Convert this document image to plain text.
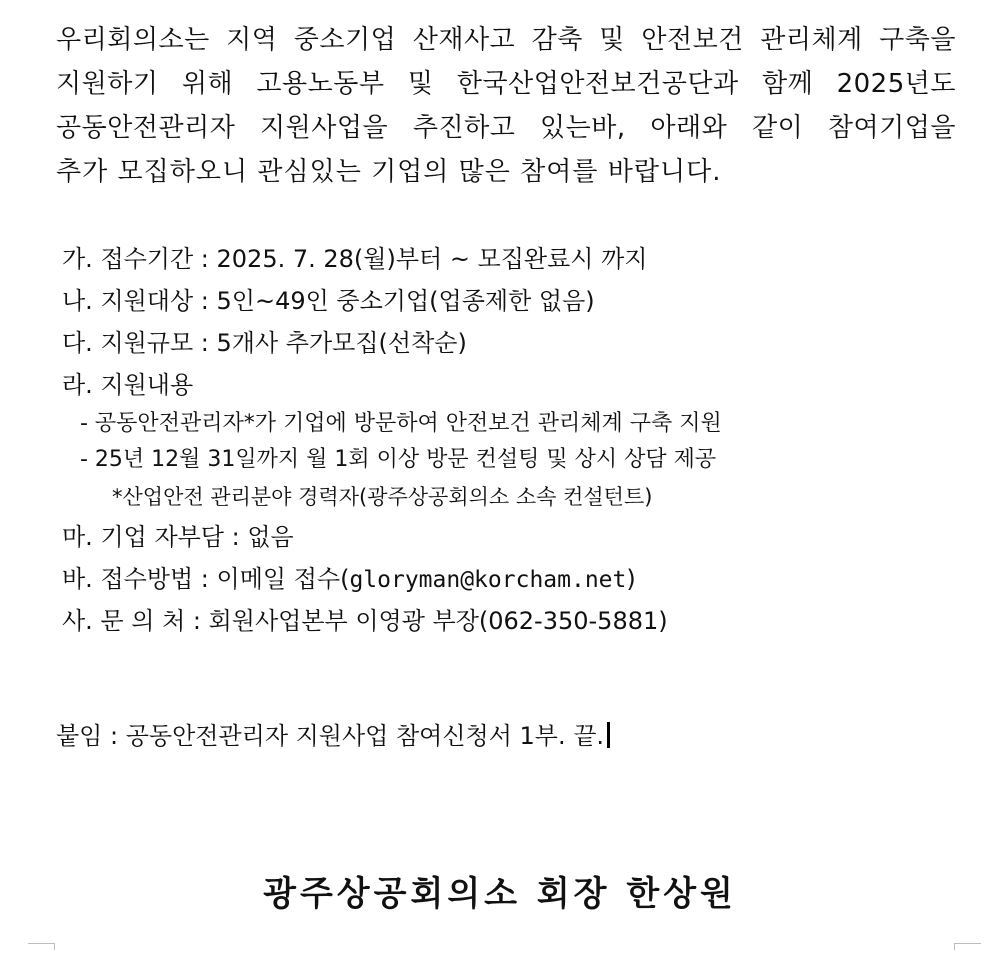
우리회의소는 지역 중소기업 산재사고 감축 및 안전보건 관리체계 구축을
지원하기 위해 고용노동부 및 한국산업안전보건공단과 함께 2025년도
공동안전관리자 지원사업을 추진하고 있는바, 아래와 같이 참여기업을
추가 모집하오니 관심있는 기업의 많은 참여를 바랍니다.
가. 접수기간 : 2025. 7. 28(월)부터 ~ 모집완료시 까지
나. 지원대상 : 5인~49인 중소기업(업종제한 없음)
다. 지원규모 : 5개사 추가모집(선착순)
라. 지원내용
- 공동안전관리자*가 기업에 방문하여 안전보건 관리체계 구축 지원
- 25년 12월 31일까지 월 1회 이상 방문 컨설팅 및 상시 상담 제공
*산업안전 관리분야 경력자(광주상공회의소 소속 컨설턴트)
마. 기업 자부담 : 없음
바. 접수방법 : 이메일 접수(gloryman@korcham.net)
사. 문 의 처 : 회원사업본부 이영광 부장(062-350-5881)
붙임 : 공동안전관리자 지원사업 참여신청서 1부. 끝.
광주상공회의소 회장 한상원
